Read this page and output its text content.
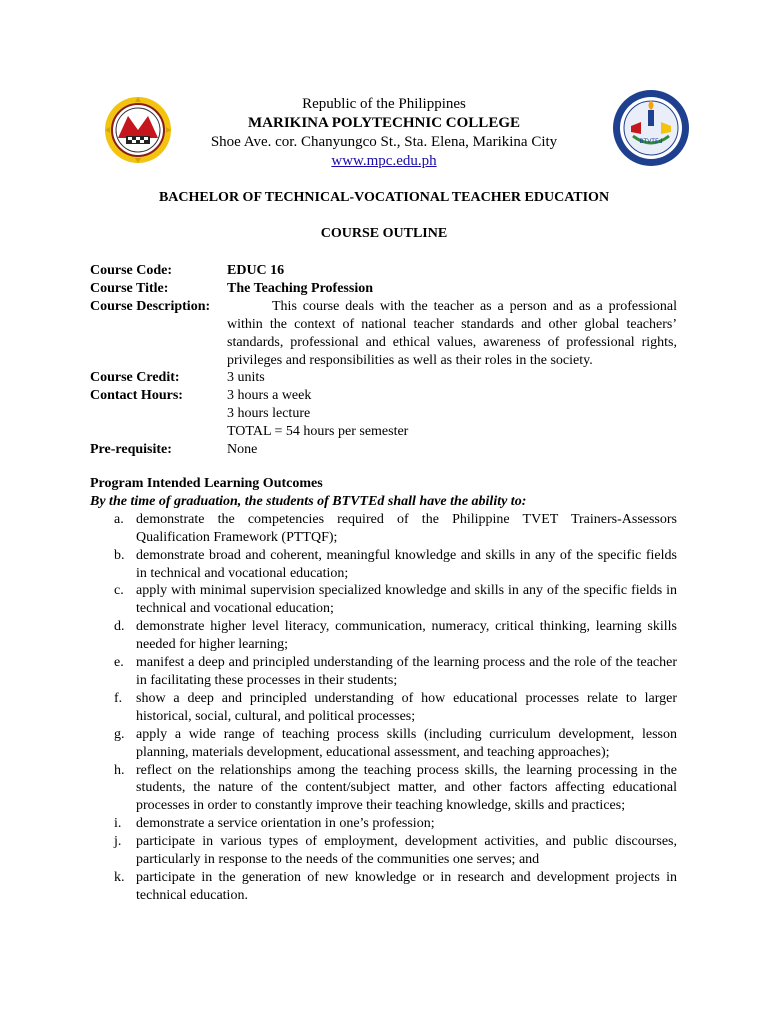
BTVTEd
Republic of the Philippines
MARIKINA POLYTECHNIC COLLEGE
Shoe Ave. cor. Chanyungco St., Sta. Elena, Marikina City
www.mpc.edu.ph
BACHELOR OF TECHNICAL-VOCATIONAL TEACHER EDUCATION
COURSE OUTLINE
Course Code:	EDUC 16
Course Title:	The Teaching Profession
Course Description:	This course deals with the teacher as a person and as a professional within the context of national teacher standards and other global teachers’ standards, professional and ethical values, awareness of professional rights, privileges and responsibilities as well as their roles in the society.
Course Credit:	3 units
Contact Hours:	3 hours a week
3 hours lecture
TOTAL = 54 hours per semester
Pre-requisite:	None
Program Intended Learning Outcomes
By the time of graduation, the students of BTVTEd shall have the ability to:
a. demonstrate the competencies required of the Philippine TVET Trainers-Assessors Qualification Framework (PTTQF);
b. demonstrate broad and coherent, meaningful knowledge and skills in any of the specific fields in technical and vocational education;
c. apply with minimal supervision specialized knowledge and skills in any of the specific fields in technical and vocational education;
d. demonstrate higher level literacy, communication, numeracy, critical thinking, learning skills needed for higher learning;
e. manifest a deep and principled understanding of the learning process and the role of the teacher in facilitating these processes in their students;
f. show a deep and principled understanding of how educational processes relate to larger historical, social, cultural, and political processes;
g. apply a wide range of teaching process skills (including curriculum development, lesson planning, materials development, educational assessment, and teaching approaches);
h. reflect on the relationships among the teaching process skills, the learning processing in the students, the nature of the content/subject matter, and other factors affecting educational processes in order to constantly improve their teaching knowledge, skills and practices;
i.	demonstrate a service orientation in one’s profession;
j.	participate in various types of employment, development activities, and public discourses, particularly in response to the needs of the communities one serves; and
k. participate in the generation of new knowledge or in research and development projects in technical education.
